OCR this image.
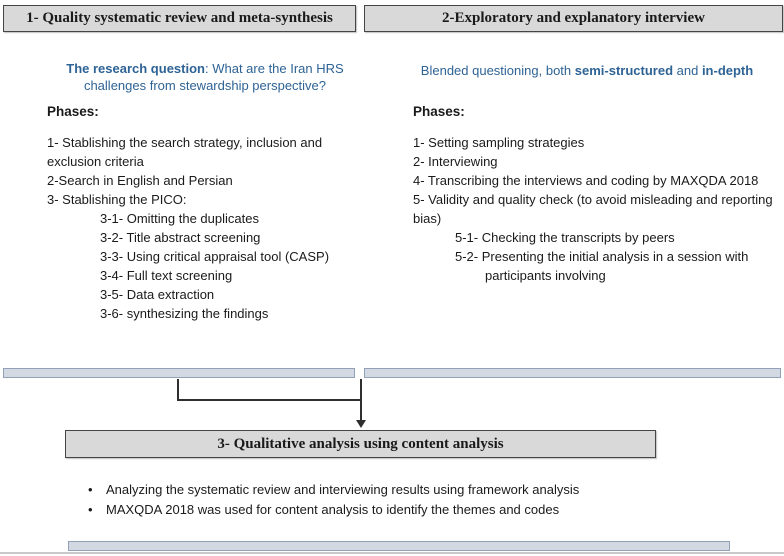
1- Quality systematic review and meta-synthesis	2-Exploratory and explanatory interview
The research question: What are the Iran HRS challenges from stewardship perspective?
Blended questioning, both semi-structured and in-depth
Phases:	Phases:
1- Stablishing the search strategy, inclusion and exclusion criteria
2-Search in English and Persian
3- Stablishing the PICO:
3-1- Omitting the duplicates
3-2- Title abstract screening
3-3- Using critical appraisal tool (CASP)
3-4- Full text screening
3-5- Data extraction
3-6- synthesizing the findings
1- Setting sampling strategies
2- Interviewing
4- Transcribing the interviews and coding by MAXQDA 2018
5- Validity and quality check (to avoid misleading and reporting bias)
5-1- Checking the transcripts by peers
5-2- Presenting the initial analysis in a session with participants involving
3- Qualitative analysis using content analysis
•	Analyzing the systematic review and interviewing results using framework analysis
•	MAXQDA 2018 was used for content analysis to identify the themes and codes
